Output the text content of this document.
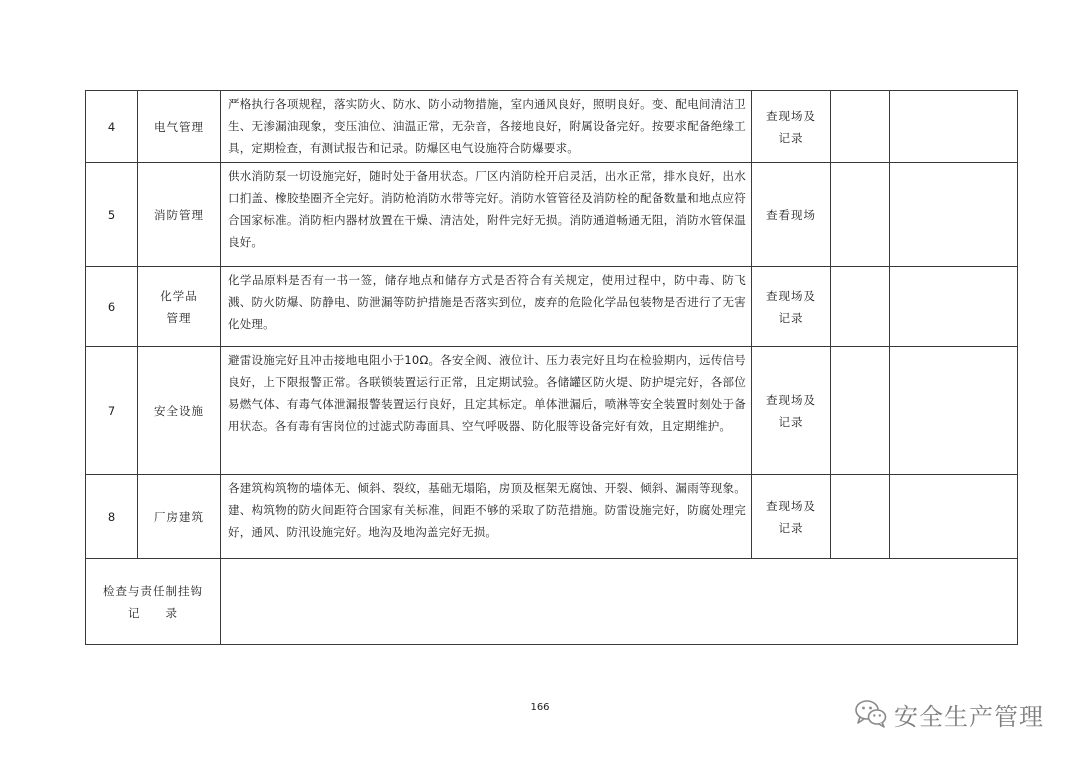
4	电气管理	严格执行各项规程，落实防火、防水、防小动物措施，室内通风良好，照明良好。变、配电间清洁卫生、无渗漏油现象，变压油位、油温正常，无杂音，各接地良好，附属设备完好。按要求配备绝缘工具，定期检查，有测试报告和记录。防爆区电气设施符合防爆要求。	查现场及
记录		

5	消防管理	供水消防泵一切设施完好，随时处于备用状态。厂区内消防栓开启灵活，出水正常，排水良好，出水口扪盖、橡胶垫圈齐全完好。消防枪消防水带等完好。消防水管管径及消防栓的配备数量和地点应符合国家标准。消防柜内器材放置在干燥、清洁处，附件完好无损。消防通道畅通无阻，消防水管保温良好。	查看现场		

6	化学品
管理	化学品原料是否有一书一签，储存地点和储存方式是否符合有关规定，使用过程中，防中毒、防飞溅、防火防爆、防静电、防泄漏等防护措施是否落实到位，废弃的危险化学品包装物是否进行了无害化处理。	查现场及
记录		

7	安全设施	避雷设施完好且冲击接地电阻小于10Ω。各安全阀、液位计、压力表完好且均在检验期内，远传信号良好，上下限报警正常。各联锁装置运行正常，且定期试验。各储罐区防火堤、防护堤完好，各部位易燃气体、有毒气体泄漏报警装置运行良好，且定其标定。单体泄漏后，喷淋等安全装置时刻处于备用状态。各有毒有害岗位的过滤式防毒面具、空气呼吸器、防化服等设备完好有效，且定期维护。	查现场及
记录		

8	厂房建筑	各建筑构筑物的墙体无、倾斜、裂纹，基础无塌陷，房顶及框架无腐蚀、开裂、倾斜、漏雨等现象。建、构筑物的防火间距符合国家有关标准，间距不够的采取了防范措施。防雷设施完好，防腐处理完好，通风、防汛设施完好。地沟及地沟盖完好无损。	查现场及
记录		

检查与责任制挂钩
记　　录					

166	安全生产管理
